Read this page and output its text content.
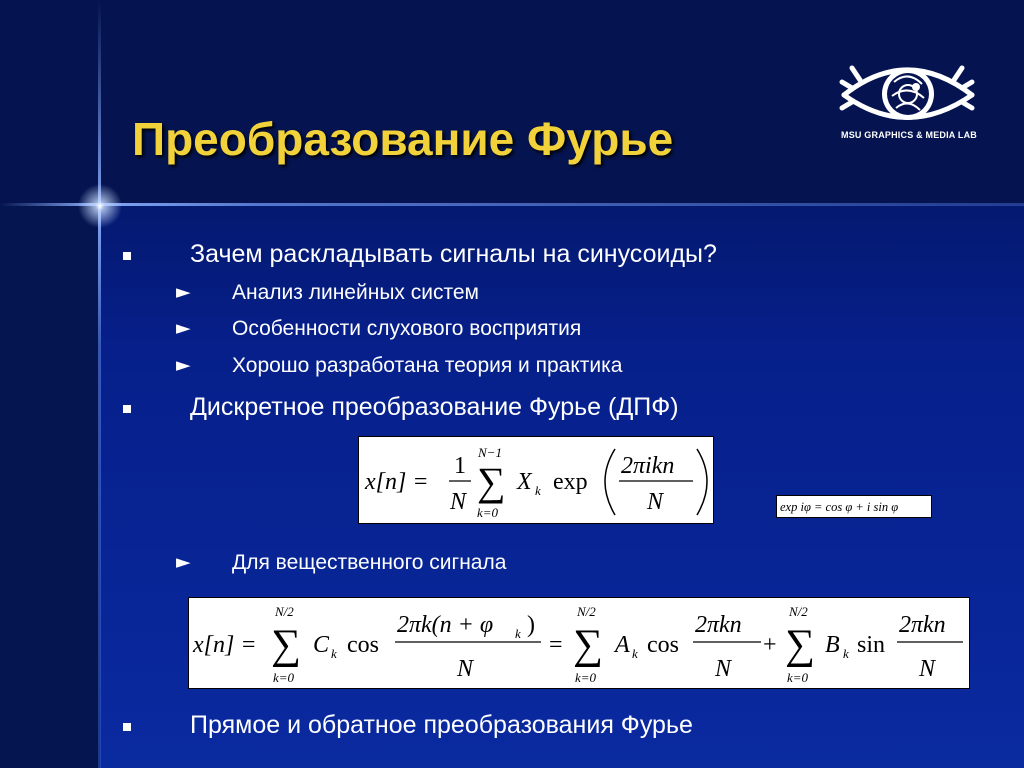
Преобразование Фурье	MSU GRAPHICS & MEDIA LAB
Зачем раскладывать сигналы на синусоиды?
► Анализ линейных систем
► Особенности слухового восприятия
► Хорошо разработана теория и практика
Дискретное преобразование Фурье (ДПФ)
x[n] =
1
N
N−1
∑
k=0
X k exp
2πikn
N	exp iφ = cos φ + i sin φ
► Для вещественного сигнала
x[n] =
N/2
∑
k=0
C k cos
2πk(n + φ k )
N
=
N/2
∑
k=0
A k cos
2πkn
N
+
N/2
∑
k=0
B k sin
2πkn
N
Прямое и обратное преобразования Фурье
